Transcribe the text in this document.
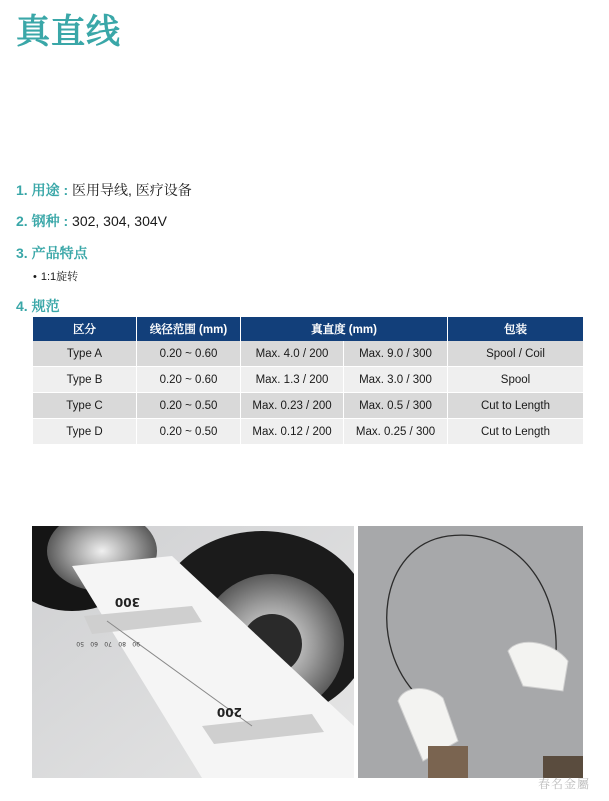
真直线
1. 用途 : 医用导线, 医疗设备
2. 钢种 : 302, 304, 304V
3. 产品特点
• 1:1旋转
4. 规范
区分	线径范围 (mm)	真直度 (mm)		包装
Type A	0.20 ~ 0.60	Max. 4.0 / 200	Max. 9.0 / 300	Spool / Coil
Type B	0.20 ~ 0.60	Max. 1.3 / 200	Max. 3.0 / 300	Spool
Type C	0.20 ~ 0.50	Max. 0.23 / 200	Max. 0.5 / 300	Cut to Length
Type D	0.20 ~ 0.50	Max. 0.12 / 200	Max. 0.25 / 300	Cut to Length
300
200
90
80
70
60
50
春名金屬
